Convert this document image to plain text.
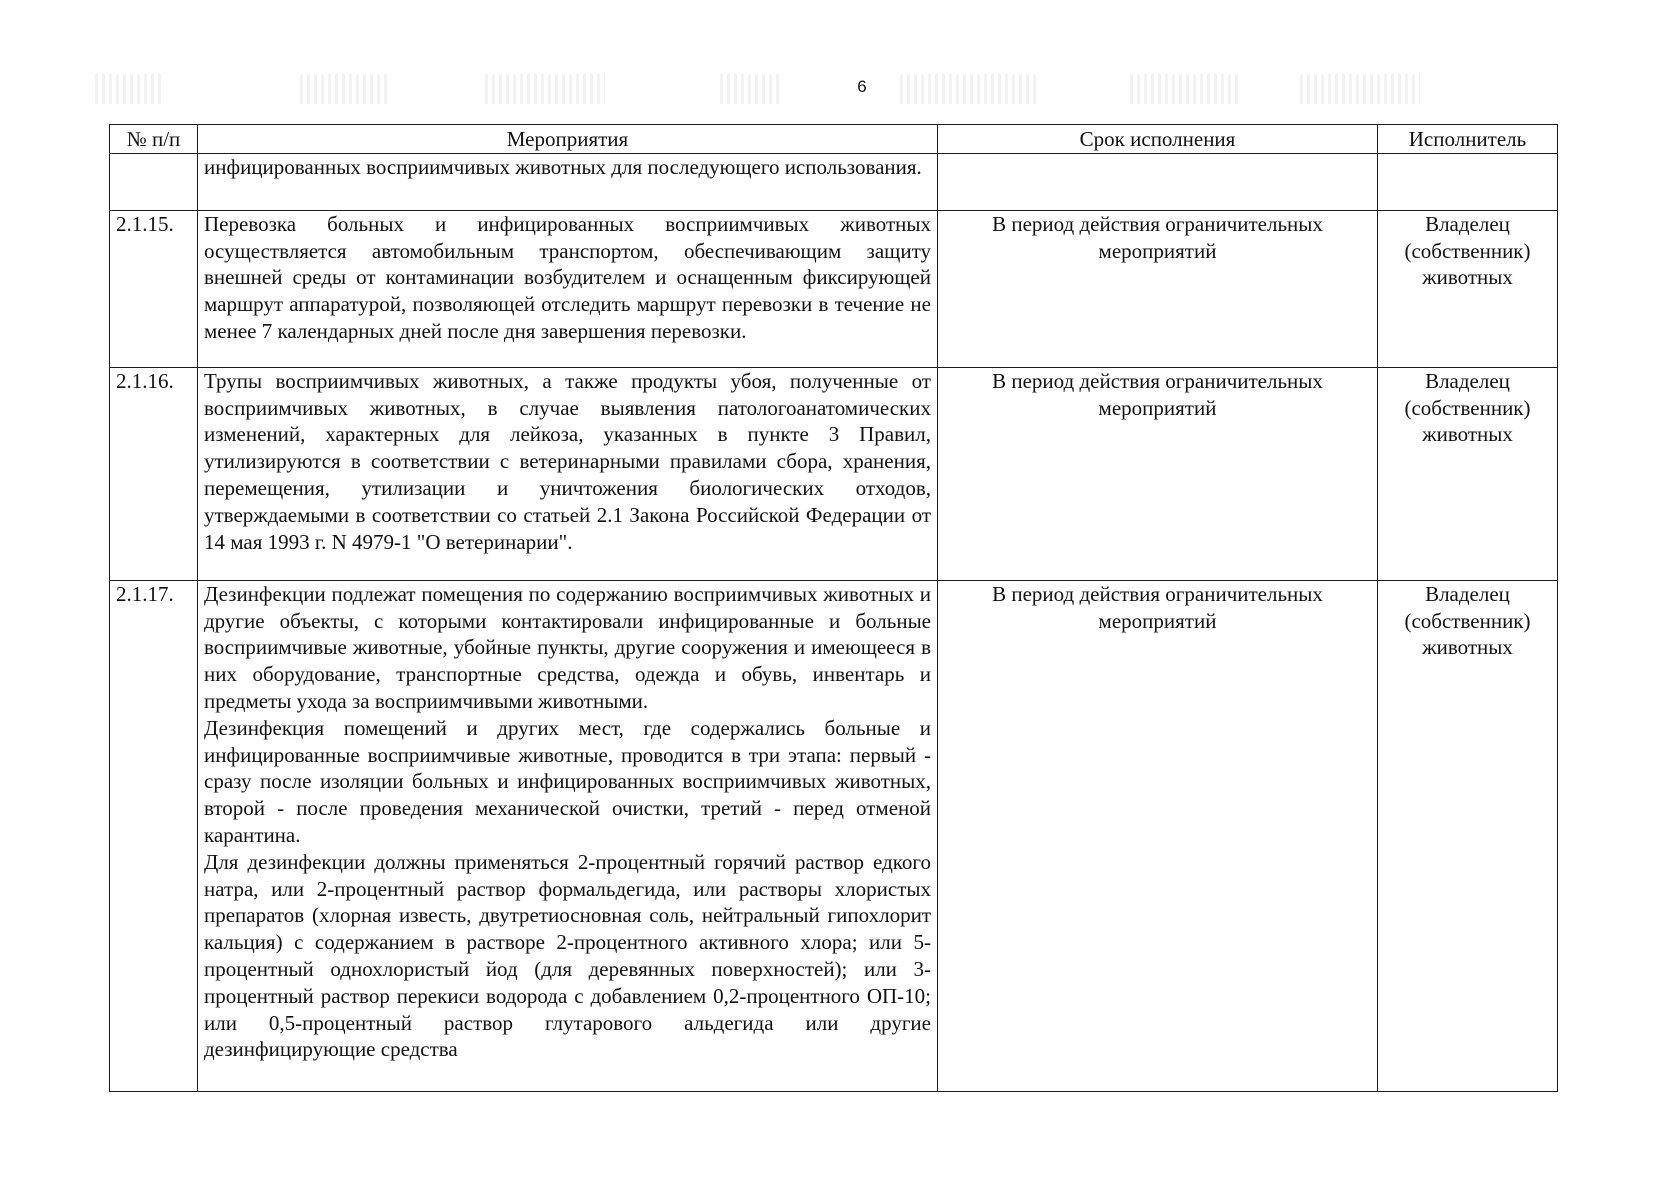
6
№ п/п	Мероприятия	Срок исполнения	Исполнитель

	инфицированных восприимчивых животных для последующего использования.		

2.1.15.	Перевозка больных и инфицированных восприимчивых животных осуществляется автомобильным транспортом, обеспечивающим защиту внешней среды от контаминации возбудителем и оснащенным фиксирующей маршрут аппаратурой, позволяющей отследить маршрут перевозки в течение не менее 7 календарных дней после дня завершения перевозки.	В период действия ограничительных мероприятий	Владелец (собственник) животных
2.1.16.	Трупы восприимчивых животных, а также продукты убоя, полученные от восприимчивых животных, в случае выявления патологоанатомических изменений, характерных для лейкоза, указанных в пункте 3 Правил, утилизируются в соответствии с ветеринарными правилами сбора, хранения, перемещения, утилизации и уничтожения биологических отходов, утверждаемыми в соответствии со статьей 2.1 Закона Российской Федерации от 14 мая 1993 г. N 4979-1 "О ветеринарии".	В период действия ограничительных мероприятий	Владелец (собственник) животных
2.1.17.	Дезинфекции подлежат помещения по содержанию восприимчивых животных и другие объекты, с которыми контактировали инфицированные и больные восприимчивые животные, убойные пункты, другие сооружения и имеющееся в них оборудование, транспортные средства, одежда и обувь, инвентарь и предметы ухода за восприимчивыми животными.
Дезинфекция помещений и других мест, где содержались больные и инфицированные восприимчивые животные, проводится в три этапа: первый - сразу после изоляции больных и инфицированных восприимчивых животных, второй - после проведения механической очистки, третий - перед отменой карантина.
Для дезинфекции должны применяться 2-процентный горячий раствор едкого натра, или 2-процентный раствор формальдегида, или растворы хлористых препаратов (хлорная известь, двутретиосновная соль, нейтральный гипохлорит кальция) с содержанием в растворе 2-процентного активного хлора; или 5-процентный однохлористый йод (для деревянных поверхностей); или 3-процентный раствор перекиси водорода с добавлением 0,2-процентного ОП-10; или 0,5-процентный раствор глутарового альдегида или другие дезинфицирующие средства	В период действия ограничительных мероприятий	Владелец (собственник) животных
